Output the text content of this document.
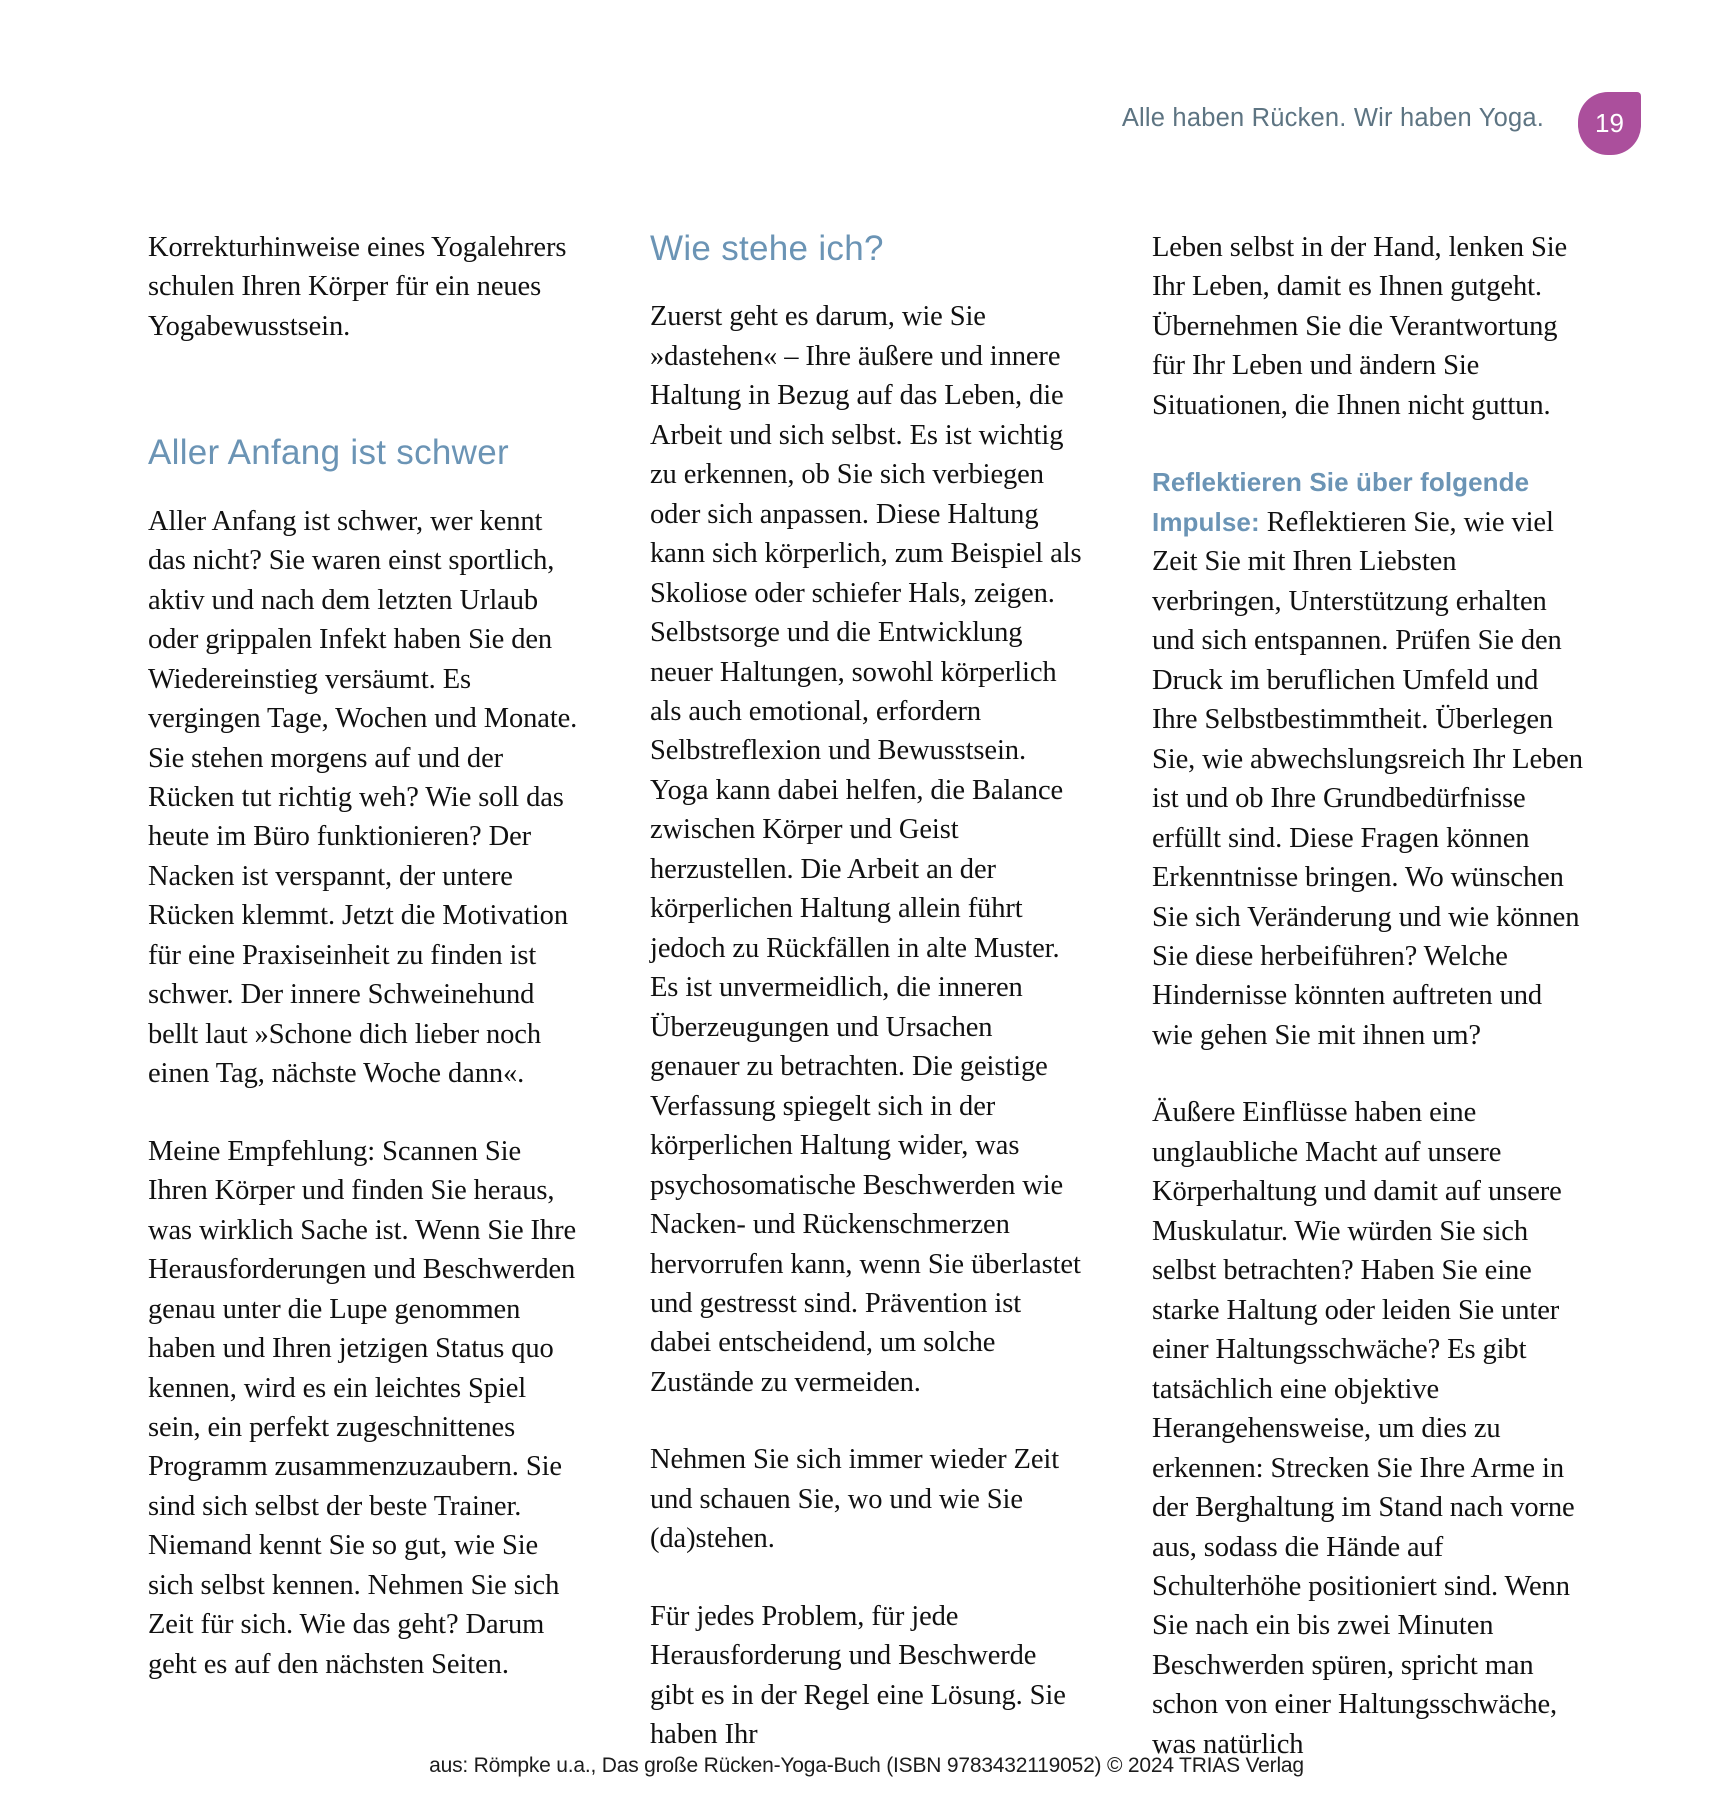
Alle haben Rücken. Wir haben Yoga.	19

Korrekturhinweise eines Yogalehrers schulen Ihren Körper für ein neues Yogabewusstsein.

Aller Anfang ist schwer

Aller Anfang ist schwer, wer kennt das nicht? Sie waren einst sportlich, aktiv und nach dem letzten Urlaub oder grippalen Infekt haben Sie den Wiedereinstieg versäumt. Es vergingen Tage, Wochen und Monate. Sie stehen morgens auf und der Rücken tut richtig weh? Wie soll das heute im Büro funktionieren? Der Nacken ist verspannt, der untere Rücken klemmt. Jetzt die Motivation für eine Praxiseinheit zu finden ist schwer. Der innere Schweinehund bellt laut »Schone dich lieber noch einen Tag, nächste Woche dann«.

Meine Empfehlung: Scannen Sie Ihren Körper und finden Sie heraus, was wirklich Sache ist. Wenn Sie Ihre Herausforderungen und Beschwerden genau unter die Lupe genommen haben und Ihren jetzigen Status quo kennen, wird es ein leichtes Spiel sein, ein perfekt zugeschnittenes Programm zusammenzuzaubern. Sie sind sich selbst der beste Trainer. Niemand kennt Sie so gut, wie Sie sich selbst kennen. Nehmen Sie sich Zeit für sich. Wie das geht? Darum geht es auf den nächsten Seiten.

Wie stehe ich?

Zuerst geht es darum, wie Sie »dastehen« – Ihre äußere und innere Haltung in Bezug auf das Leben, die Arbeit und sich selbst. Es ist wichtig zu erkennen, ob Sie sich verbiegen oder sich anpassen. Diese Haltung kann sich körperlich, zum Beispiel als Skoliose oder schiefer Hals, zeigen. Selbstsorge und die Entwicklung neuer Haltungen, sowohl körperlich als auch emotional, erfordern Selbstreflexion und Bewusstsein. Yoga kann dabei helfen, die Balance zwischen Körper und Geist herzustellen. Die Arbeit an der körperlichen Haltung allein führt jedoch zu Rückfällen in alte Muster. Es ist unvermeidlich, die inneren Überzeugungen und Ursachen genauer zu betrachten. Die geistige Verfassung spiegelt sich in der körperlichen Haltung wider, was psychosomatische Beschwerden wie Nacken- und Rückenschmerzen hervorrufen kann, wenn Sie überlastet und gestresst sind. Prävention ist dabei entscheidend, um solche Zustände zu vermeiden.

Nehmen Sie sich immer wieder Zeit und schauen Sie, wo und wie Sie (da)stehen.

Für jedes Problem, für jede Herausforderung und Beschwerde gibt es in der Regel eine Lösung. Sie haben Ihr

Leben selbst in der Hand, lenken Sie Ihr Leben, damit es Ihnen gutgeht. Übernehmen Sie die Verantwortung für Ihr Leben und ändern Sie Situationen, die Ihnen nicht guttun.

Reflektieren Sie über folgende Impulse: Reflektieren Sie, wie viel Zeit Sie mit Ihren Liebsten verbringen, Unterstützung erhalten und sich entspannen. Prüfen Sie den Druck im beruflichen Umfeld und Ihre Selbstbestimmtheit. Überlegen Sie, wie abwechslungsreich Ihr Leben ist und ob Ihre Grundbedürfnisse erfüllt sind. Diese Fragen können Erkenntnisse bringen. Wo wünschen Sie sich Veränderung und wie können Sie diese herbeiführen? Welche Hindernisse könnten auftreten und wie gehen Sie mit ihnen um?

Äußere Einflüsse haben eine unglaubliche Macht auf unsere Körperhaltung und damit auf unsere Muskulatur. Wie würden Sie sich selbst betrachten? Haben Sie eine starke Haltung oder leiden Sie unter einer Haltungsschwäche? Es gibt tatsächlich eine objektive Herangehensweise, um dies zu erkennen: Strecken Sie Ihre Arme in der Berghaltung im Stand nach vorne aus, sodass die Hände auf Schulterhöhe positioniert sind. Wenn Sie nach ein bis zwei Minuten Beschwerden spüren, spricht man schon von einer Haltungsschwäche, was natürlich

aus: Römpke u.a., Das große Rücken-Yoga-Buch (ISBN 9783432119052) © 2024 TRIAS Verlag
